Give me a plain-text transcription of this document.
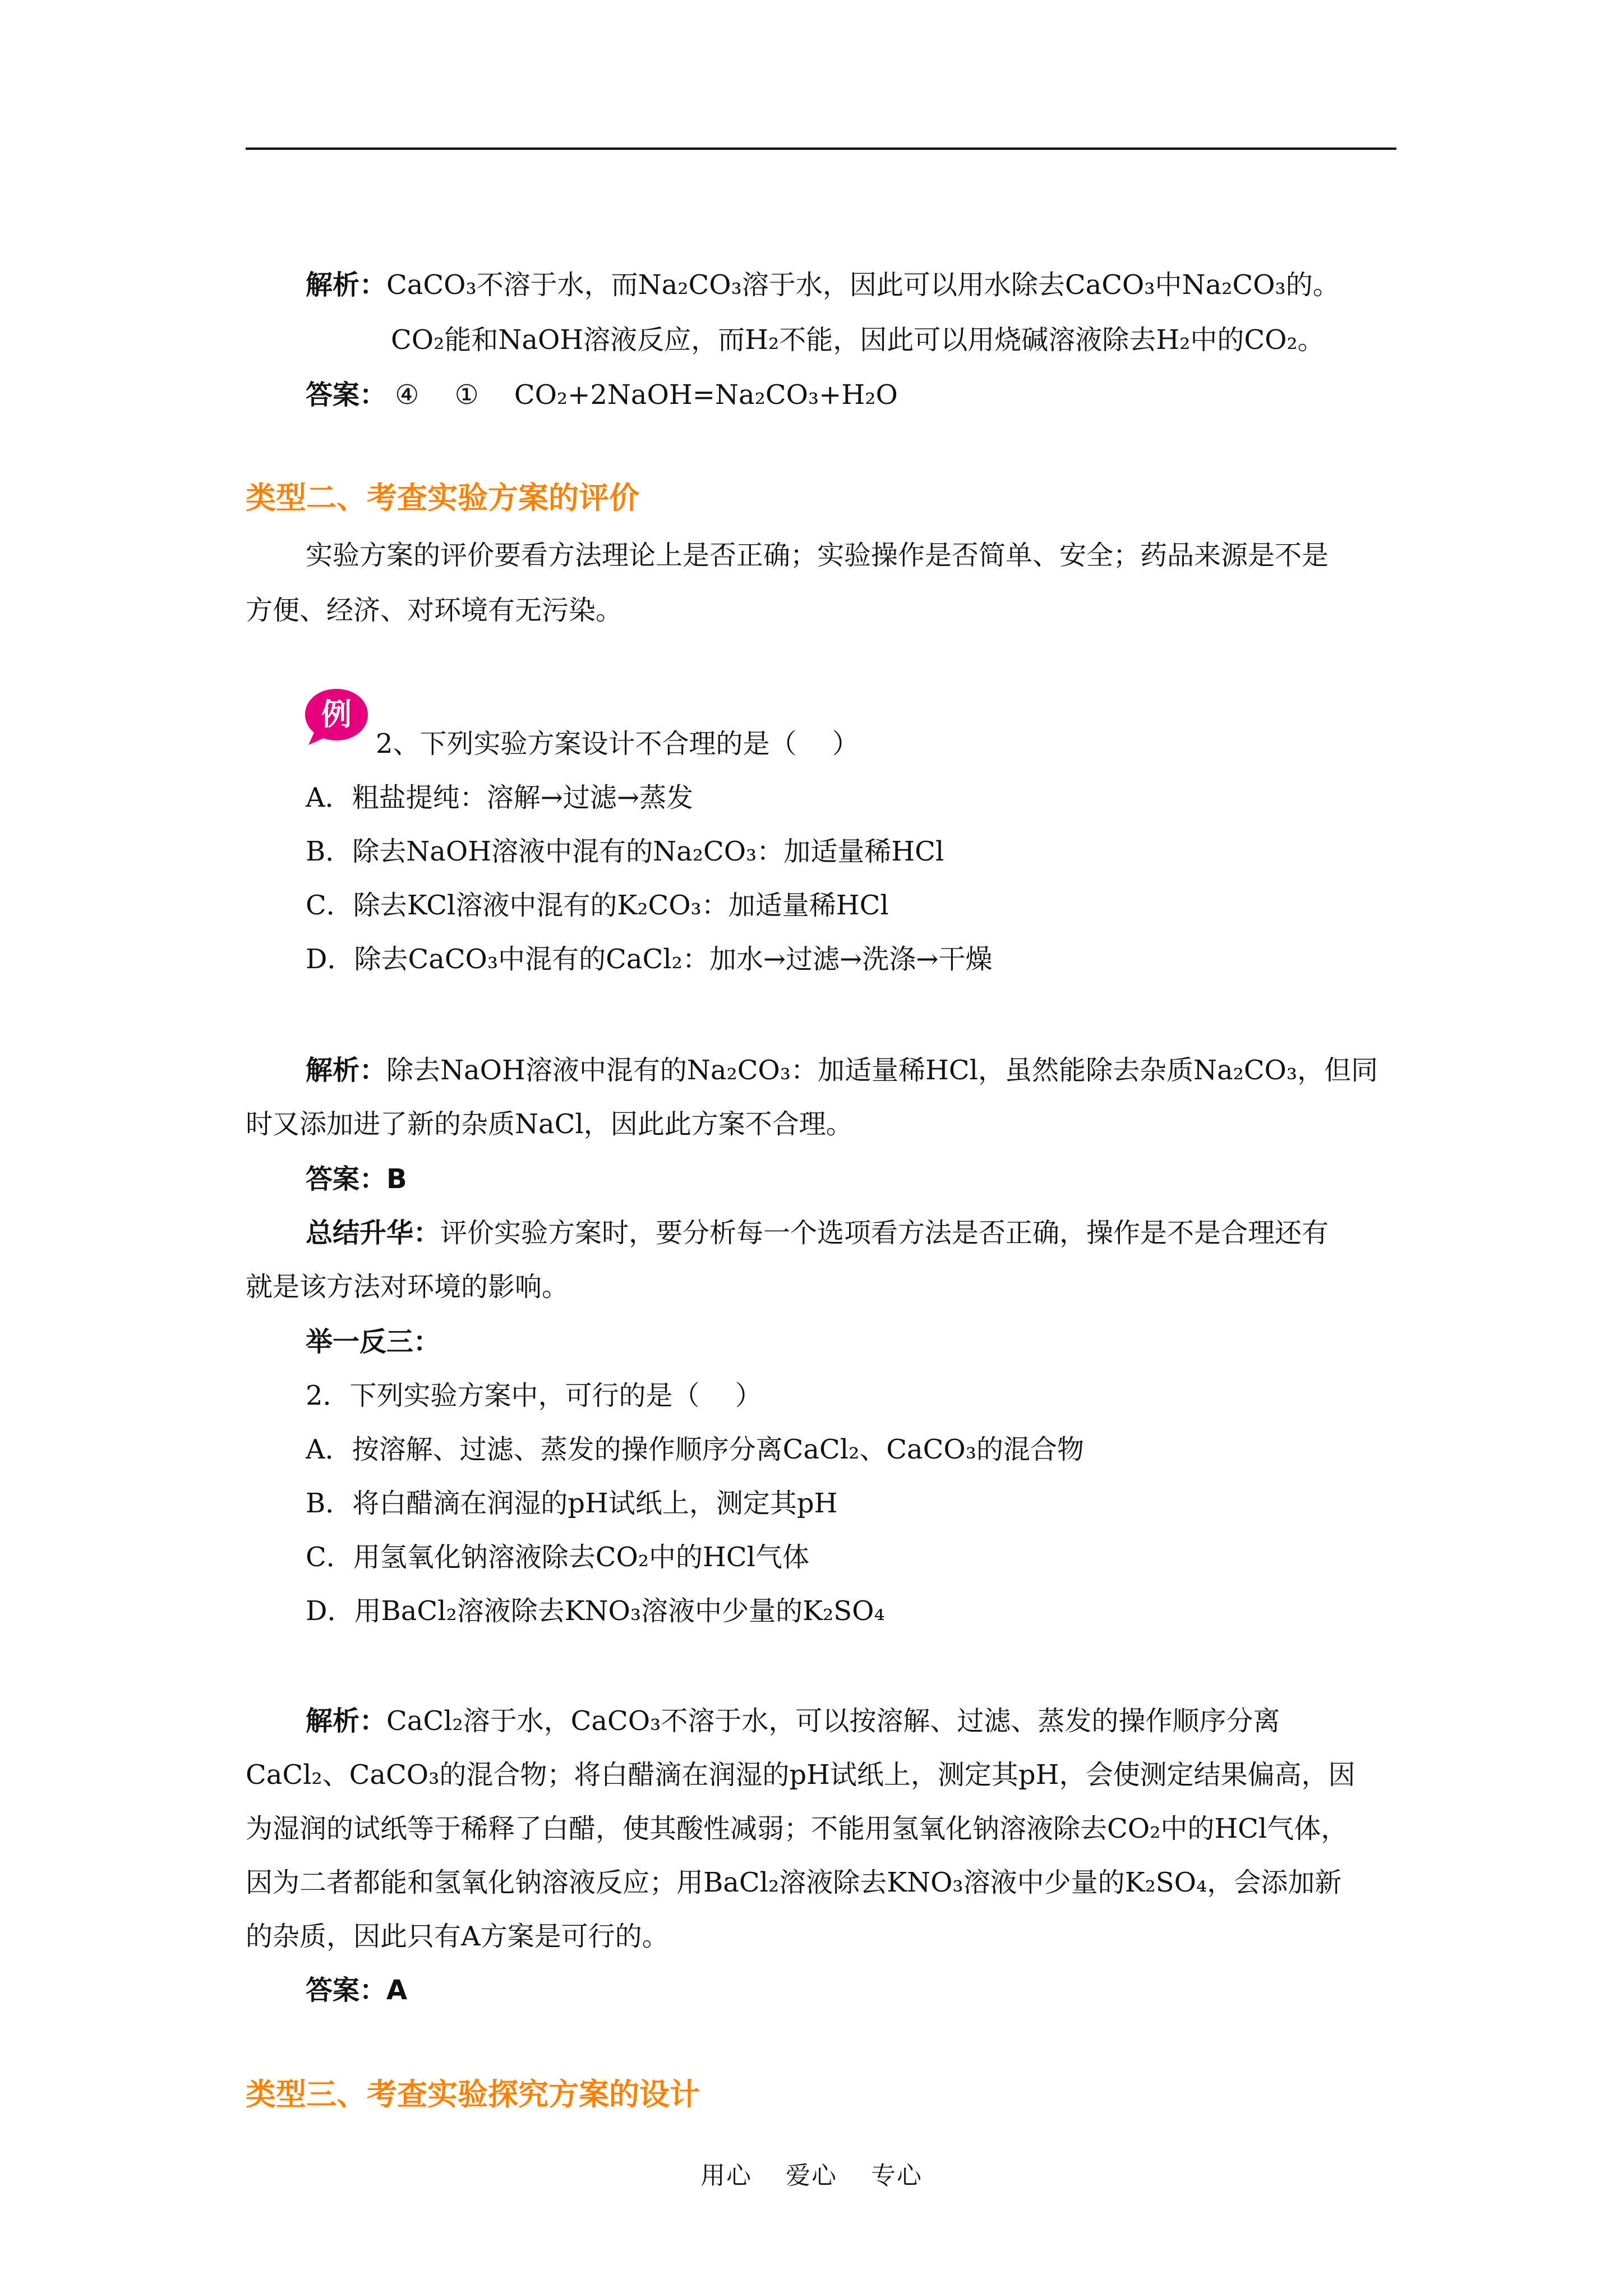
解析：CaCO₃不溶于水，而Na₂CO₃溶于水，因此可以用水除去CaCO₃中Na₂CO₃的。
CO₂能和NaOH溶液反应，而H₂不能，因此可以用烧碱溶液除去H₂中的CO₂。
答案： ④　 ①　 CO₂+2NaOH=Na₂CO₃+H₂O
类型二、考查实验方案的评价
实验方案的评价要看方法理论上是否正确；实验操作是否简单、安全；药品来源是不是
方便、经济、对环境有无污染。
例
2、下列实验方案设计不合理的是（　 ）
A．粗盐提纯：溶解→过滤→蒸发
B．除去NaOH溶液中混有的Na₂CO₃：加适量稀HCl
C．除去KCl溶液中混有的K₂CO₃：加适量稀HCl
D．除去CaCO₃中混有的CaCl₂：加水→过滤→洗涤→干燥
解析：除去NaOH溶液中混有的Na₂CO₃：加适量稀HCl，虽然能除去杂质Na₂CO₃，但同
时又添加进了新的杂质NaCl，因此此方案不合理。
答案：B
总结升华：评价实验方案时，要分析每一个选项看方法是否正确，操作是不是合理还有
就是该方法对环境的影响。
举一反三：
2．下列实验方案中，可行的是（　 ）
A．按溶解、过滤、蒸发的操作顺序分离CaCl₂、CaCO₃的混合物
B．将白醋滴在润湿的pH试纸上，测定其pH
C．用氢氧化钠溶液除去CO₂中的HCl气体
D．用BaCl₂溶液除去KNO₃溶液中少量的K₂SO₄
解析：CaCl₂溶于水，CaCO₃不溶于水，可以按溶解、过滤、蒸发的操作顺序分离
CaCl₂、CaCO₃的混合物；将白醋滴在润湿的pH试纸上，测定其pH，会使测定结果偏高，因
为湿润的试纸等于稀释了白醋，使其酸性减弱；不能用氢氧化钠溶液除去CO₂中的HCl气体，
因为二者都能和氢氧化钠溶液反应；用BaCl₂溶液除去KNO₃溶液中少量的K₂SO₄，会添加新
的杂质，因此只有A方案是可行的。
答案：A
类型三、考查实验探究方案的设计
用心 爱心 专心
